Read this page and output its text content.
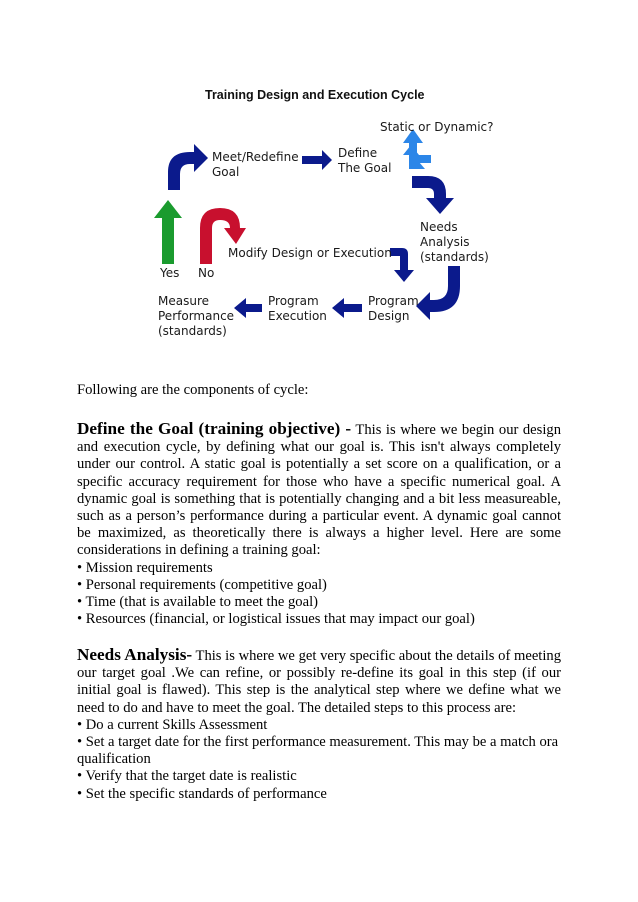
Training Design and Execution Cycle
Static or Dynamic?
Meet/Redefine
Goal
Define
The Goal
Needs
Analysis
(standards)
Modify Design or Execution
Yes No
Measure
Performance
(standards)
Program
Execution
Program
Design

Following are the components of cycle:

Define the Goal (training objective) - This is where we begin our design and execution cycle, by defining what our goal is. This isn't always completely under our control. A static goal is potentially a set score on a qualification, or a specific accuracy requirement for those who have a specific numerical goal. A dynamic goal is something that is potentially changing and a bit less measureable, such as a person’s performance during a particular event. A dynamic goal cannot be maximized, as theoretically there is always a higher level. Here are some considerations in defining a training goal:

• Mission requirements
• Personal requirements (competitive goal)
• Time (that is available to meet the goal)
• Resources (financial, or logistical issues that may impact our goal)

Needs Analysis- This is where we get very specific about the details of meeting our target goal .We can refine, or possibly re-define its goal in this step (if our initial goal is flawed). This step is the analytical step where we define what we need to do and have to meet the goal. The detailed steps to this process are:

• Do a current Skills Assessment
• Set a target date for the first performance measurement. This may be a match ora qualification
• Verify that the target date is realistic
• Set the specific standards of performance
